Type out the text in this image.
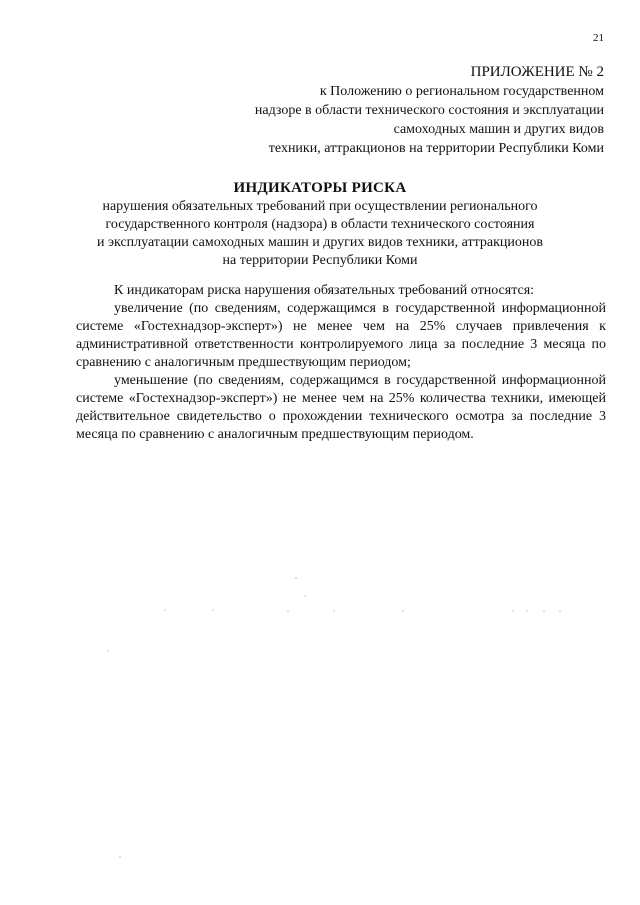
21
ПРИЛОЖЕНИЕ № 2
к Положению о региональном государственном
надзоре в области технического состояния и эксплуатации
самоходных машин и других видов
техники, аттракционов на территории Республики Коми
ИНДИКАТОРЫ РИСКА
нарушения обязательных требований при осуществлении регионального
государственного контроля (надзора) в области технического состояния
и эксплуатации самоходных машин и других видов техники, аттракционов
на территории Республики Коми

К индикаторам риска нарушения обязательных требований относятся:

увеличение (по сведениям, содержащимся в государственной информационной системе «Гостехнадзор-эксперт») не менее чем на 25% случаев привлечения к административной ответственности контролируемого лица за последние 3 месяца по сравнению с аналогичным предшествующим периодом;

уменьшение (по сведениям, содержащимся в государственной информационной системе «Гостехнадзор-эксперт») не менее чем на 25% количества техники, имеющей действительное свидетельство о прохождении технического осмотра за последние 3 месяца по сравнению с аналогичным предшествующим периодом.
